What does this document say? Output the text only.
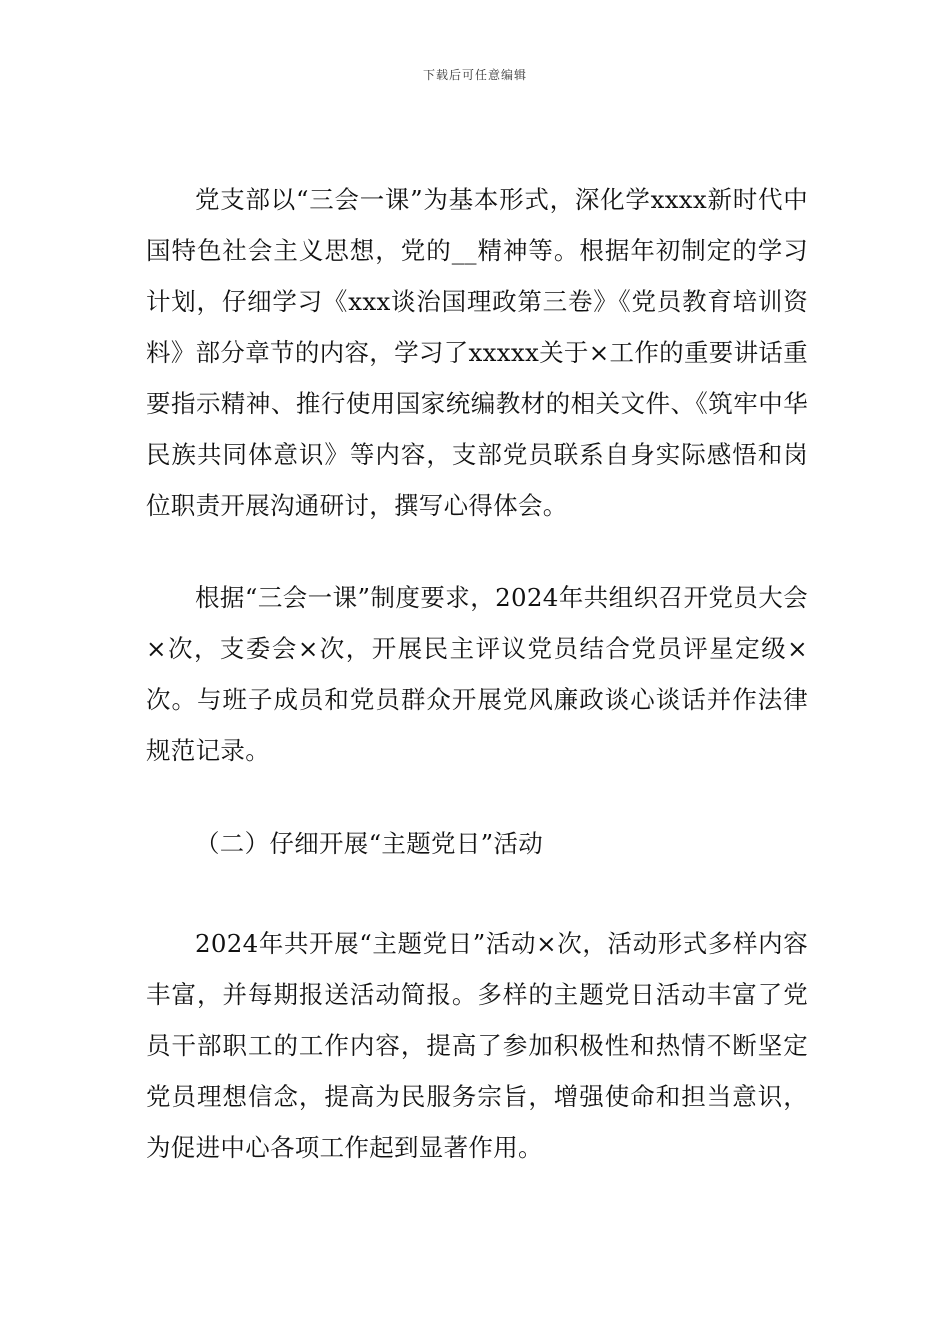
下载后可任意编辑

党支部以“三会一课”为基本形式，深化学xxxx新时代中国特色社会主义思想，党的__精神等。根据年初制定的学习计划，仔细学习《xxx谈治国理政第三卷》《党员教育培训资料》部分章节的内容，学习了xxxxx关于×工作的重要讲话重要指示精神、推行使用国家统编教材的相关文件、《筑牢中华民族共同体意识》等内容，支部党员联系自身实际感悟和岗位职责开展沟通研讨，撰写心得体会。

根据“三会一课”制度要求，2024年共组织召开党员大会×次，支委会×次，开展民主评议党员结合党员评星定级×次。与班子成员和党员群众开展党风廉政谈心谈话并作法律规范记录。

（二）仔细开展“主题党日”活动

2024年共开展“主题党日”活动×次，活动形式多样内容丰富，并每期报送活动简报。多样的主题党日活动丰富了党员干部职工的工作内容，提高了参加积极性和热情不断坚定党员理想信念，提高为民服务宗旨，增强使命和担当意识，为促进中心各项工作起到显著作用。
